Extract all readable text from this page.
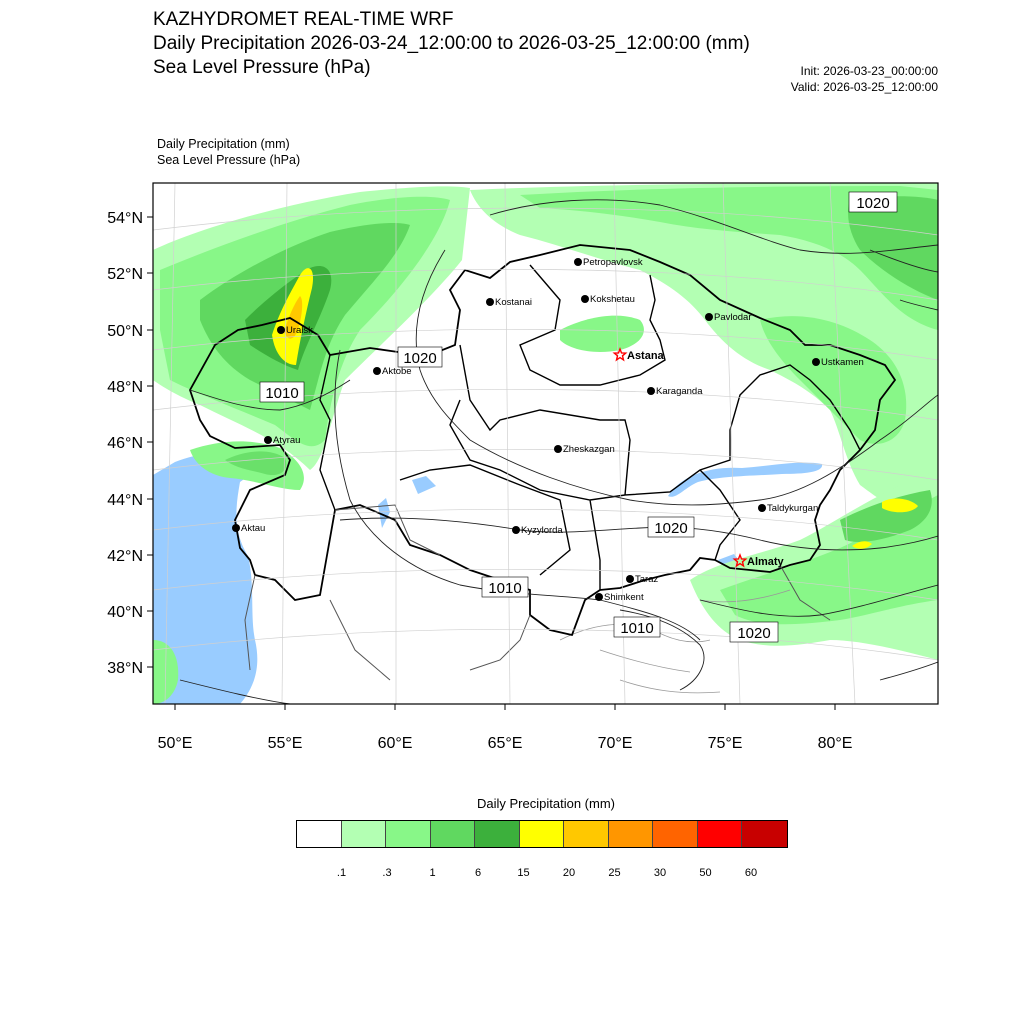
KAZHYDROMET REAL-TIME WRF
Daily Precipitation 2026-03-24_12:00:00 to 2026-03-25_12:00:00 (mm)
Sea Level Pressure (hPa)	Init: 2026-03-23_00:00:00
Valid: 2026-03-25_12:00:00
Daily Precipitation (mm)
Sea Level Pressure (hPa)
1020
1020
1010
1020
1010
1010	1020
Petropavlovsk
Kostanai	Kokshetau
Pavlodar
Uralsk
Astana
Aktobe
Ustkamen
Karaganda
Atyrau
Zheskazgan
Aktau
Taldykurgan
Kyzylorda
Almaty
Taraz
Shimkent
54°N
52°N
50°N
48°N
46°N
44°N
42°N
40°N
38°N
50°E	55°E	60°E	65°E	70°E	75°E	80°E
Daily Precipitation (mm)
.1	.3	1	6	15	20	25	30	50	60
